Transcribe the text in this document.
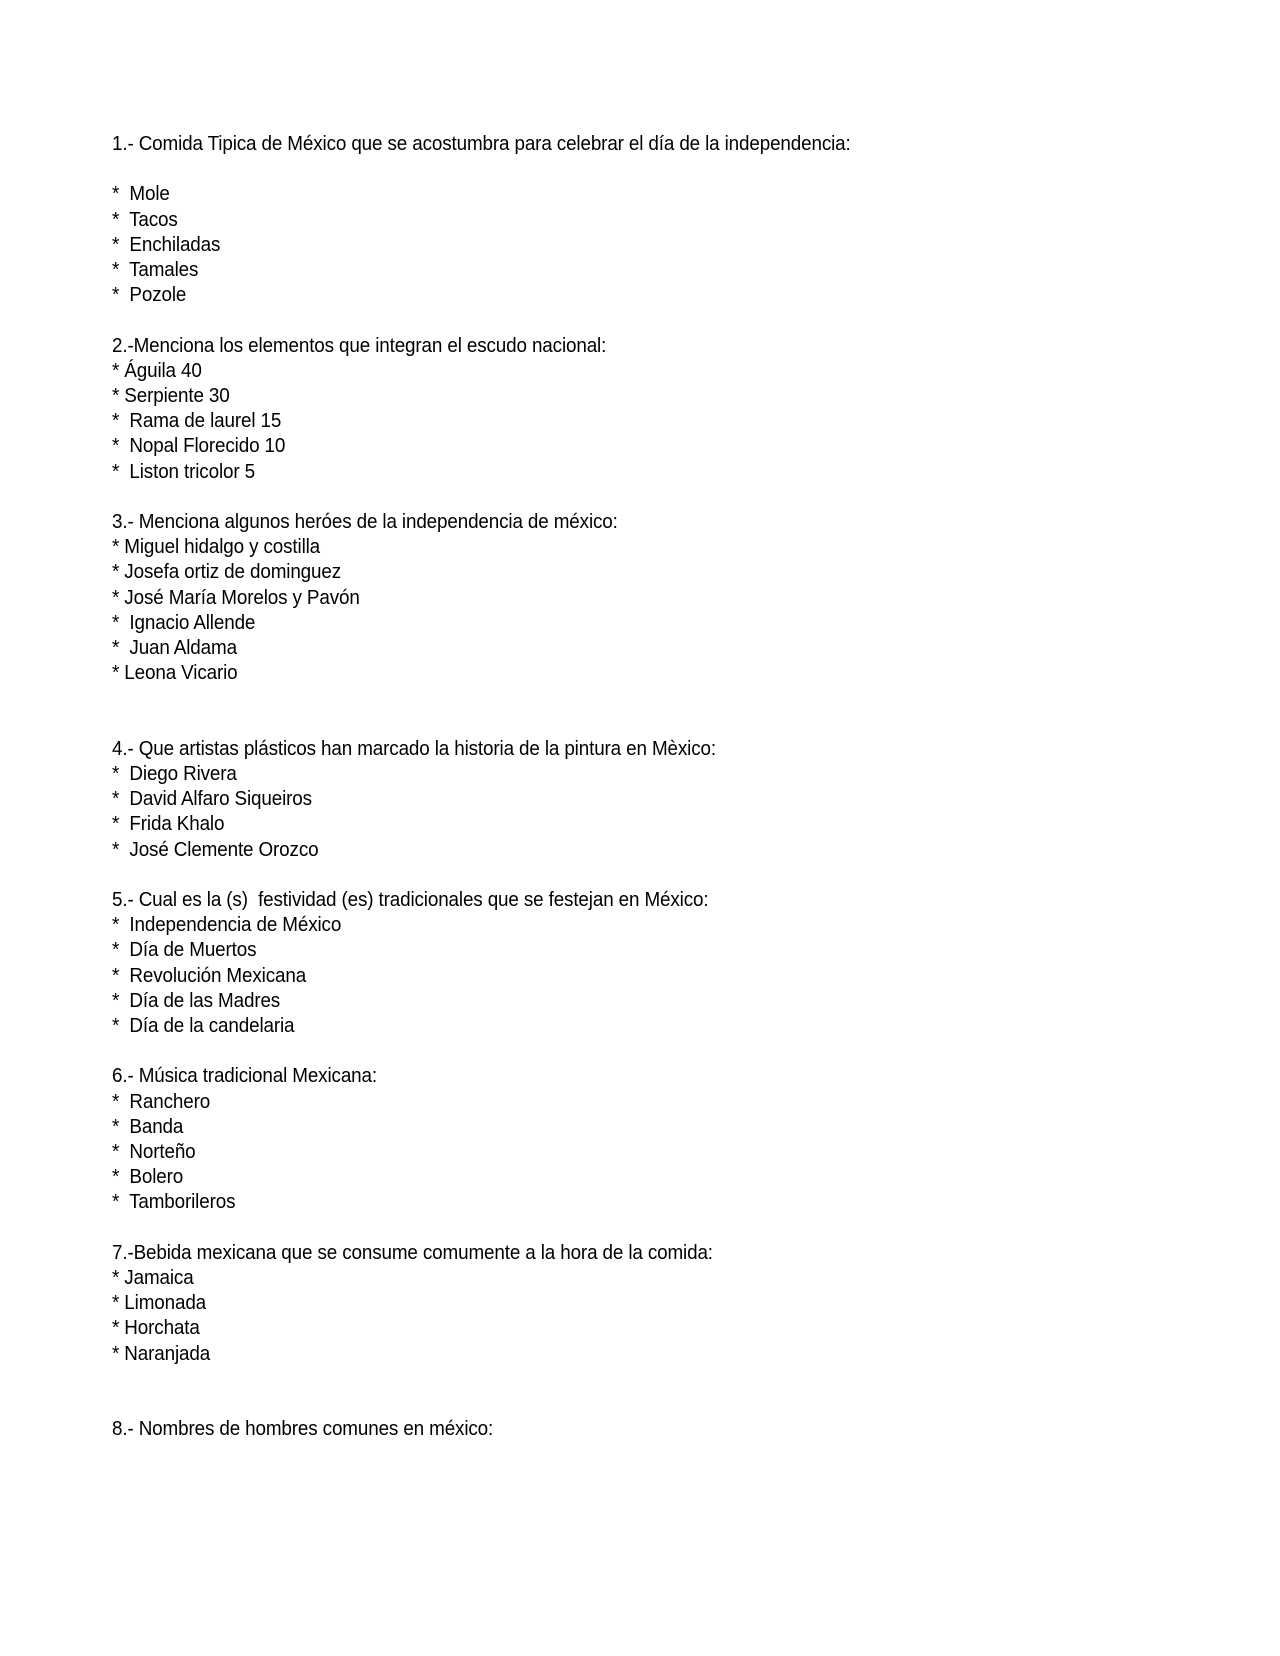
1.- Comida Tipica de México que se acostumbra para celebrar el día de la independencia:
*  Mole
*  Tacos
*  Enchiladas
*  Tamales
*  Pozole
2.-Menciona los elementos que integran el escudo nacional:
* Águila 40
* Serpiente 30
*  Rama de laurel 15
*  Nopal Florecido 10
*  Liston tricolor 5
3.- Menciona algunos heróes de la independencia de méxico:
* Miguel hidalgo y costilla
* Josefa ortiz de dominguez
* José María Morelos y Pavón
*  Ignacio Allende
*  Juan Aldama
* Leona Vicario
4.- Que artistas plásticos han marcado la historia de la pintura en Mèxico:
*  Diego Rivera
*  David Alfaro Siqueiros
*  Frida Khalo
*  José Clemente Orozco
5.- Cual es la (s)  festividad (es) tradicionales que se festejan en México:
*  Independencia de México
*  Día de Muertos
*  Revolución Mexicana
*  Día de las Madres
*  Día de la candelaria
6.- Música tradicional Mexicana:
*  Ranchero
*  Banda
*  Norteño
*  Bolero
*  Tamborileros
7.-Bebida mexicana que se consume comumente a la hora de la comida:
* Jamaica
* Limonada
* Horchata
* Naranjada
8.- Nombres de hombres comunes en méxico:
